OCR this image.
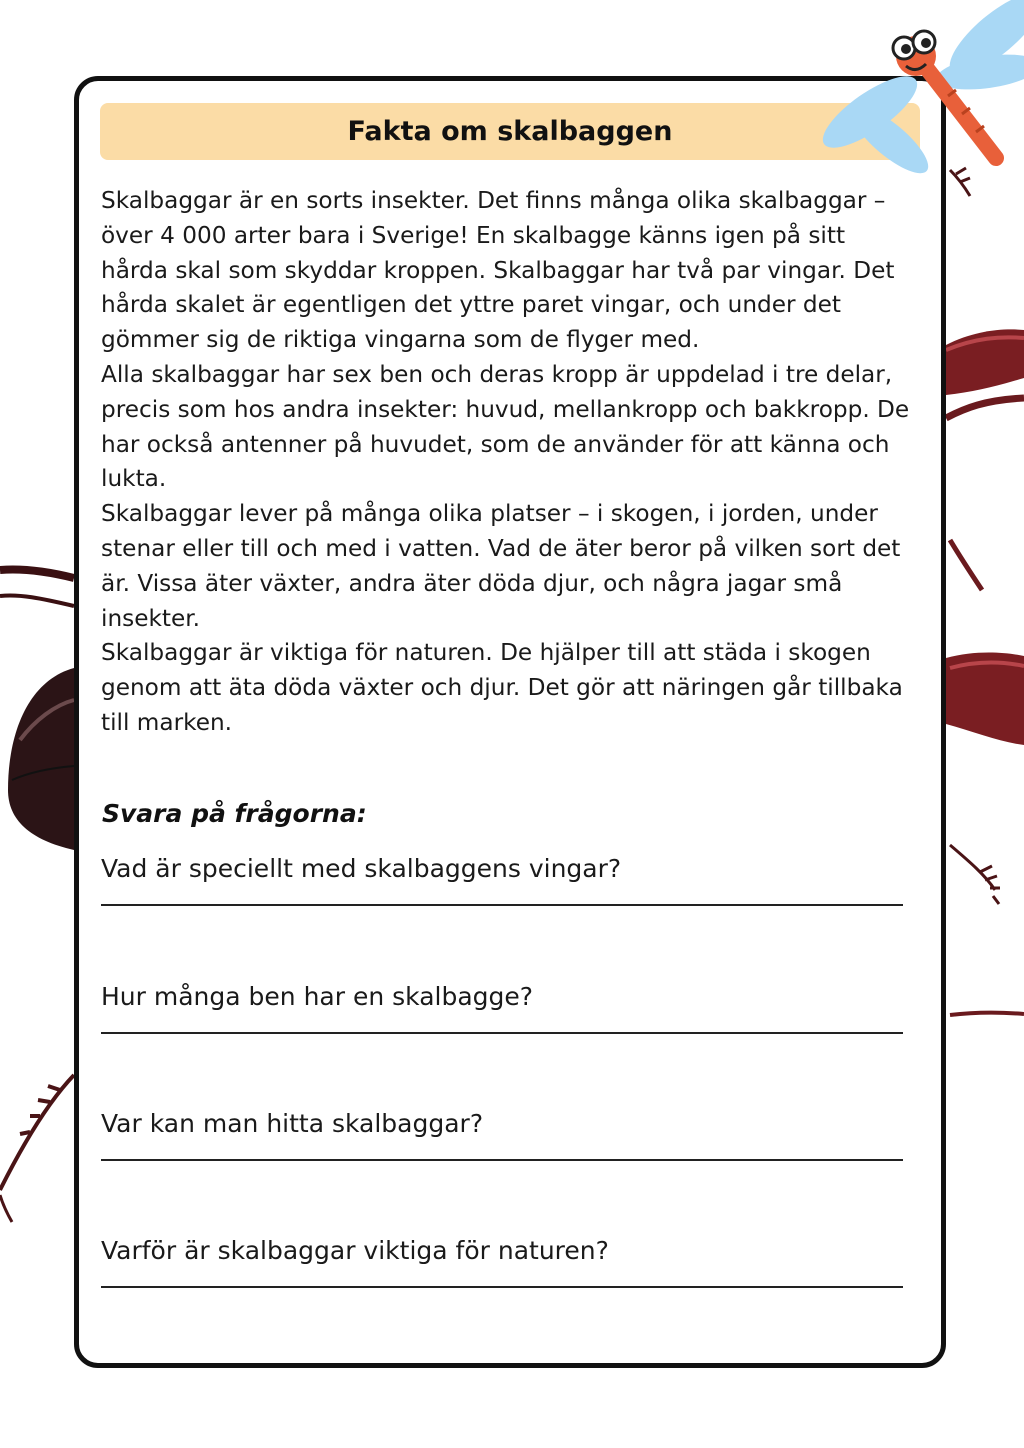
Fakta om skalbaggen

Skalbaggar är en sorts insekter. Det finns många olika skalbaggar – över 4 000 arter bara i Sverige! En skalbagge känns igen på sitt hårda skal som skyddar kroppen. Skalbaggar har två par vingar. Det hårda skalet är egentligen det yttre paret vingar, och under det gömmer sig de riktiga vingarna som de flyger med.

Alla skalbaggar har sex ben och deras kropp är uppdelad i tre delar, precis som hos andra insekter: huvud, mellankropp och bakkropp. De har också antenner på huvudet, som de använder för att känna och lukta.

Skalbaggar lever på många olika platser – i skogen, i jorden, under stenar eller till och med i vatten. Vad de äter beror på vilken sort det är. Vissa äter växter, andra äter döda djur, och några jagar små insekter.

Skalbaggar är viktiga för naturen. De hjälper till att städa i skogen genom att äta döda växter och djur. Det gör att näringen går tillbaka till marken.

Svara på frågorna:
Vad är speciellt med skalbaggens vingar?
Hur många ben har en skalbagge?
Var kan man hitta skalbaggar?
Varför är skalbaggar viktiga för naturen?
